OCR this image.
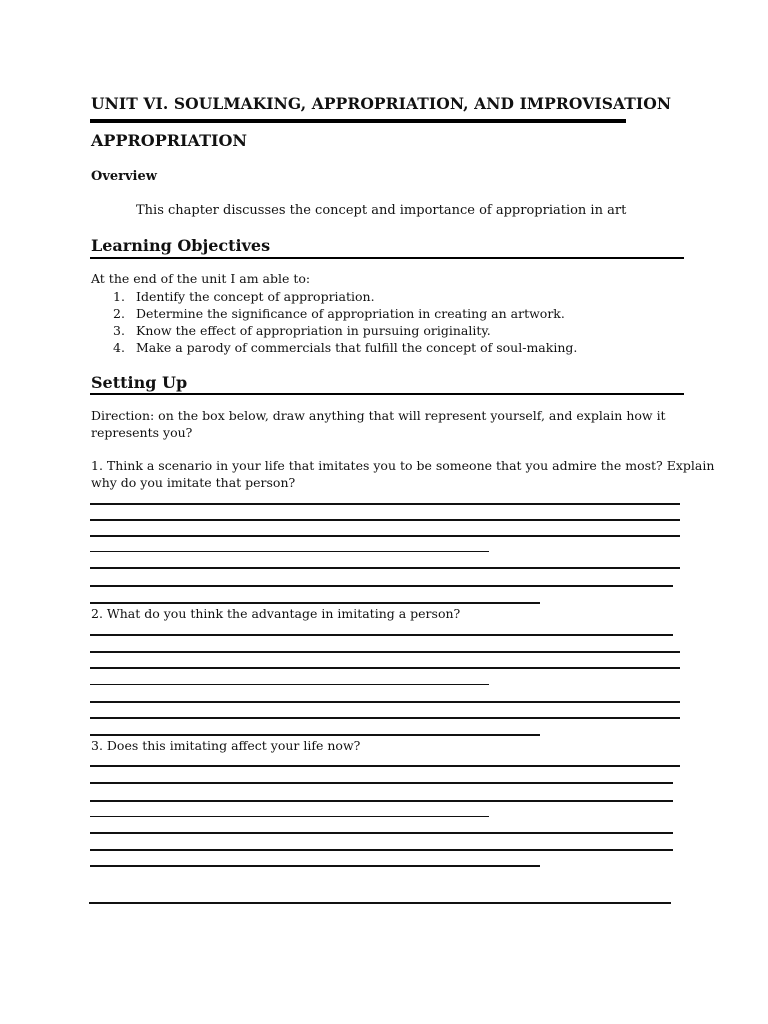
UNIT VI. SOULMAKING, APPROPRIATION, AND IMPROVISATION
APPROPRIATION
Overview
This chapter discusses the concept and importance of appropriation in art
Learning Objectives
At the end of the unit I am able to:
1. Identify the concept of appropriation.
2. Determine the significance of appropriation in creating an artwork.
3. Know the effect of appropriation in pursuing originality.
4. Make a parody of commercials that fulfill the concept of soul-making.
Setting Up
Direction: on the box below, draw anything that will represent yourself, and explain how it
represents you?
1. Think a scenario in your life that imitates you to be someone that you admire the most? Explain
why do you imitate that person?
2. What do you think the advantage in imitating a person?
3. Does this imitating affect your life now?
